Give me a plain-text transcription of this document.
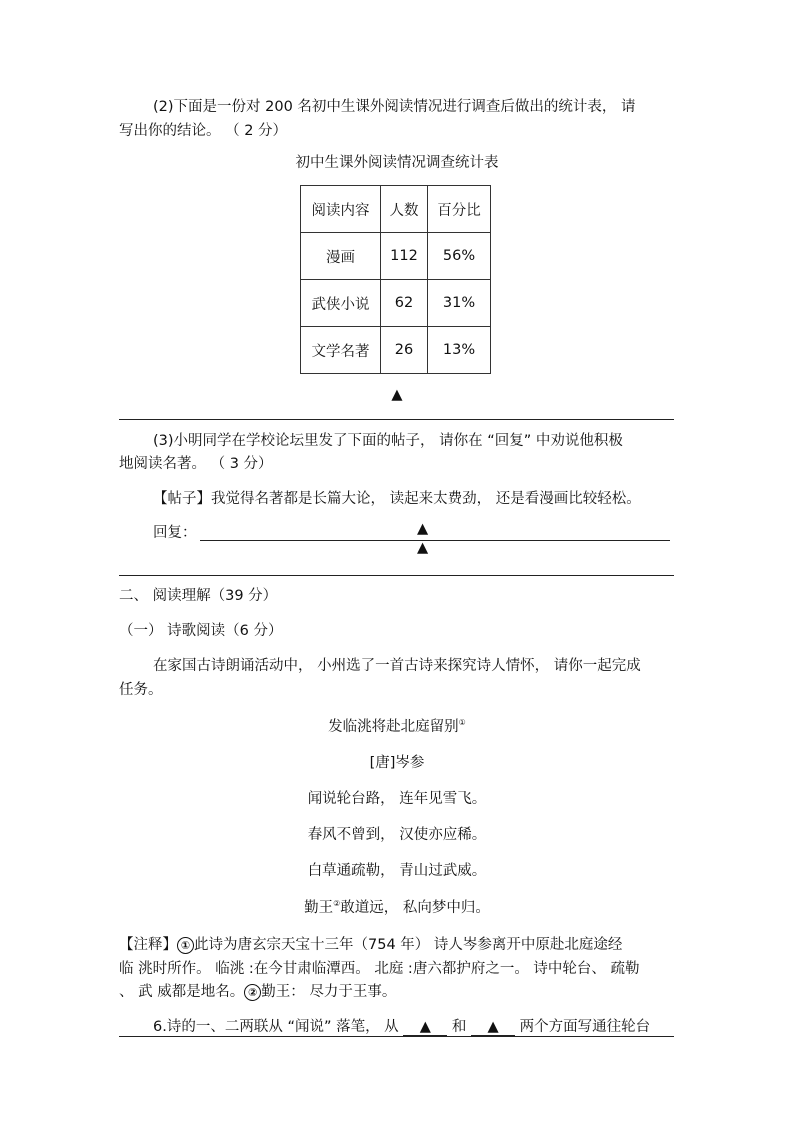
(2)下面是一份对 200 名初中生课外阅读情况进行调查后做出的统计表， 请
写出你的结论。 （ 2 分）
初中生课外阅读情况调查统计表
阅读内容	人数	百分比
漫画	112	56%
武侠小说	62	31%
文学名著	26	13%
▲
(3)小明同学在学校论坛里发了下面的帖子， 请你在 “回复” 中劝说他积极
地阅读名著。 （ 3 分）
【帖子】我觉得名著都是长篇大论， 读起来太费劲， 还是看漫画比较轻松。
回复：	▲
▲
二、 阅读理解（39 分）
（一） 诗歌阅读（6 分）
在家国古诗朗诵活动中， 小州选了一首古诗来探究诗人情怀， 请你一起完成
任务。
发临洮将赴北庭留别①
[唐]岑参
闻说轮台路， 连年见雪飞。
春风不曾到， 汉使亦应稀。
白草通疏勒， 青山过武威。
勤王②敢道远， 私向梦中归。
【注释】 ① 此诗为唐玄宗天宝十三年（754 年） 诗人岑参离开中原赴北庭途经
临 洮时所作。 临洮 :在今甘肃临潭西。 北庭 :唐六都护府之一。 诗中轮台、 疏勒
、 武 威都是地名。 ② 勤王： 尽力于王事。
6.诗的一、二两联从 “闻说” 落笔， 从 ▲ 和 ▲ 两个方面写通往轮台
